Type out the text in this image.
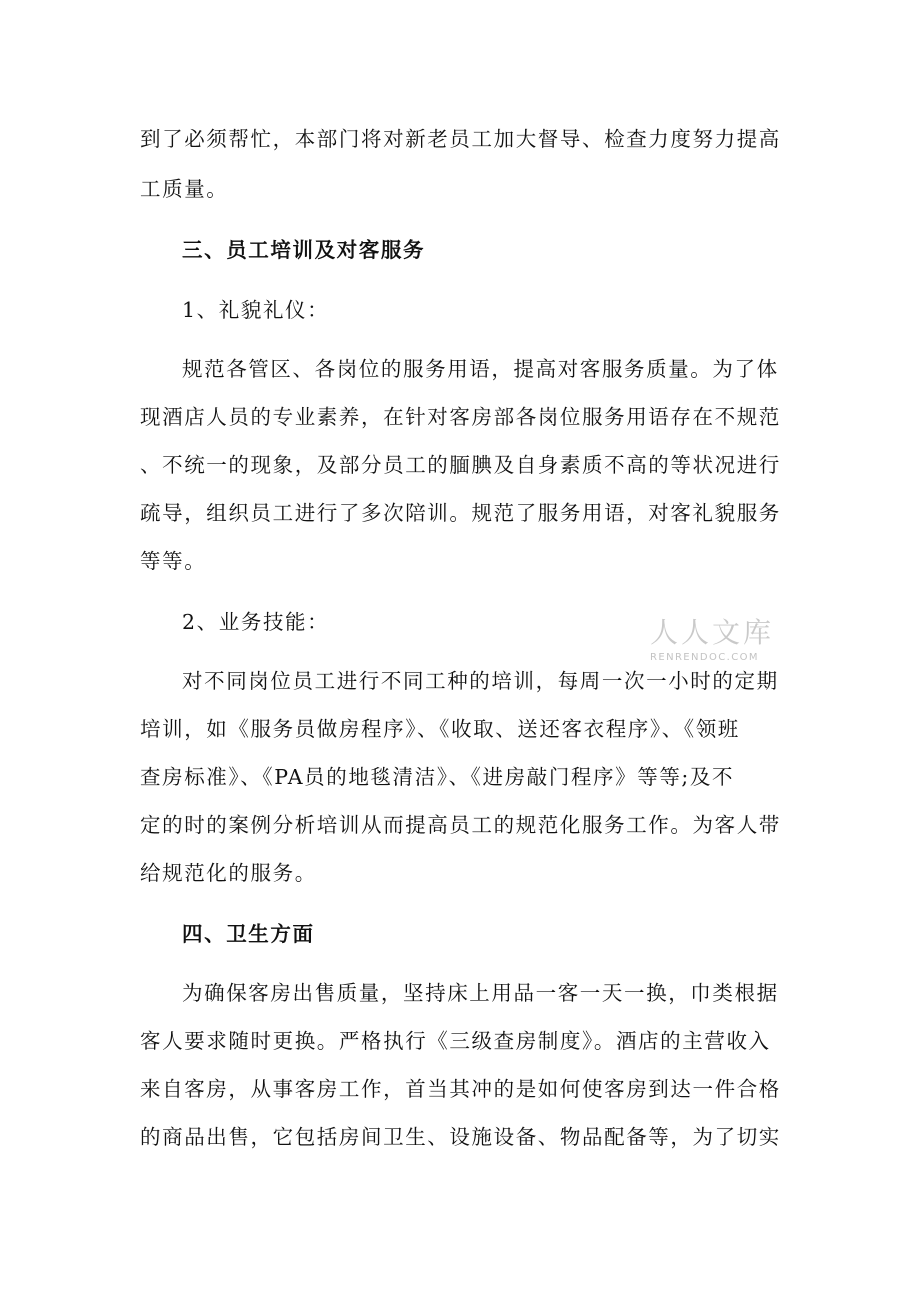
到了必须帮忙，本部门将对新老员工加大督导、检查力度努力提高
工质量。
三、员工培训及对客服务
1、礼貌礼仪：
规范各管区、各岗位的服务用语，提高对客服务质量。为了体
现酒店人员的专业素养，在针对客房部各岗位服务用语存在不规范
、不统一的现象，及部分员工的腼腆及自身素质不高的等状况进行
疏导，组织员工进行了多次陪训。规范了服务用语，对客礼貌服务
等等。
2、业务技能：
对不同岗位员工进行不同工种的培训，每周一次一小时的定期
培训，如《服务员做房程序》、《收取、送还客衣程序》、《领班
查房标准》、《PA员的地毯清洁》、《进房敲门程序》等等;及不
定的时的案例分析培训从而提高员工的规范化服务工作。为客人带
给规范化的服务。
四、卫生方面
为确保客房出售质量，坚持床上用品一客一天一换，巾类根据
客人要求随时更换。严格执行《三级查房制度》。酒店的主营收入
来自客房，从事客房工作，首当其冲的是如何使客房到达一件合格
的商品出售，它包括房间卫生、设施设备、物品配备等，为了切实
人人文库
RENRENDOC.COM
